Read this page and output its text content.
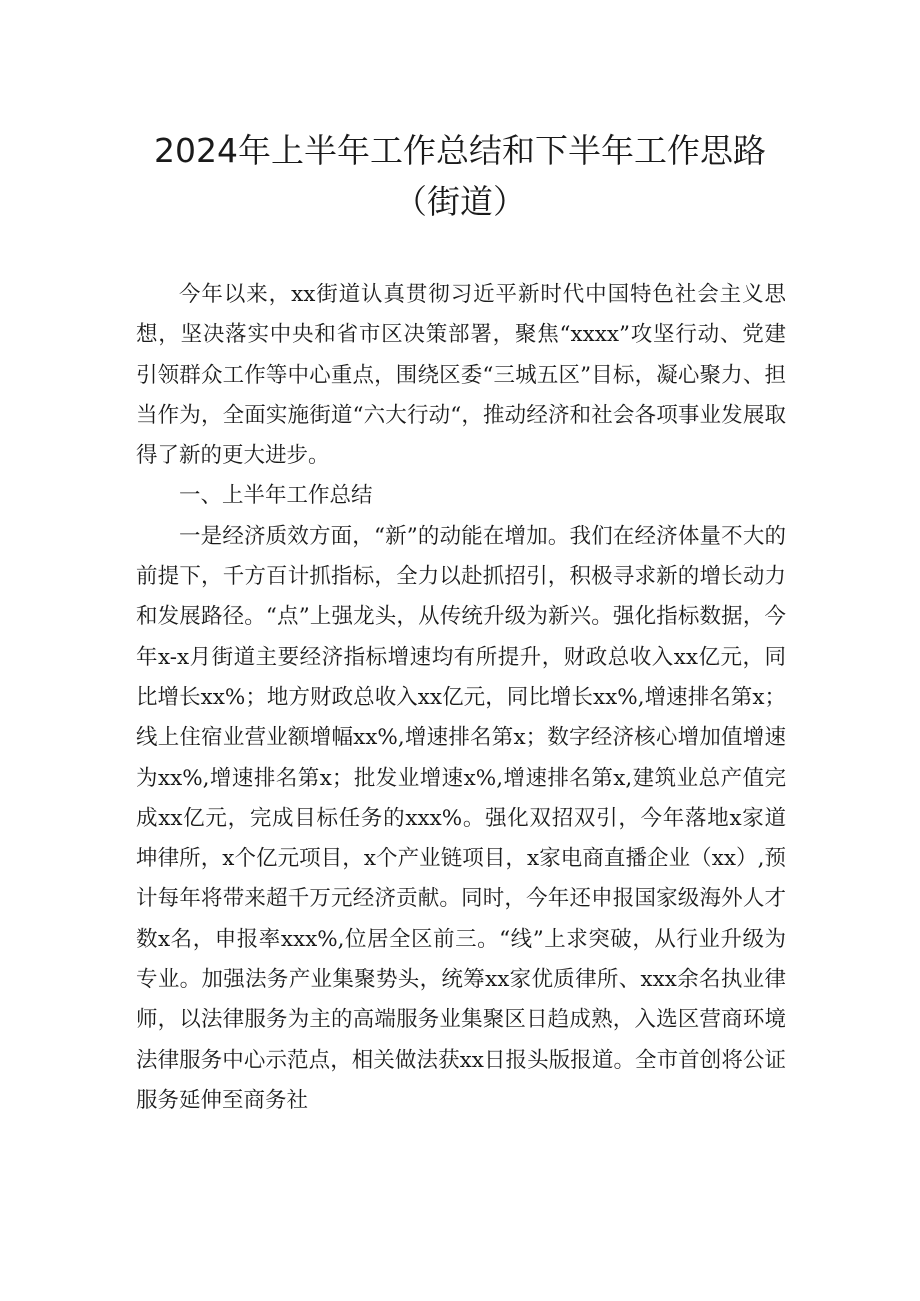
2024年上半年工作总结和下半年工作思路
（街道）

今年以来，xx街道认真贯彻习近平新时代中国特色社会主义思想，坚决落实中央和省市区决策部署，聚焦“xxxx”攻坚行动、党建引领群众工作等中心重点，围绕区委“三城五区”目标，凝心聚力、担当作为，全面实施街道“六大行动“，推动经济和社会各项事业发展取得了新的更大进步。

一、上半年工作总结

一是经济质效方面，“新”的动能在增加。我们在经济体量不大的前提下，千方百计抓指标，全力以赴抓招引，积极寻求新的增长动力和发展路径。“点”上强龙头，从传统升级为新兴。强化指标数据，今年x-x月街道主要经济指标增速均有所提升，财政总收入xx亿元，同比增长xx%；地方财政总收入xx亿元，同比增长xx%,增速排名第x；线上住宿业营业额增幅xx%,增速排名第x；数字经济核心增加值增速为xx%,增速排名第x；批发业增速x%,增速排名第x,建筑业总产值完成xx亿元，完成目标任务的xxx%。强化双招双引，今年落地x家道坤律所，x个亿元项目，x个产业链项目，x家电商直播企业（xx）,预计每年将带来超千万元经济贡献。同时，今年还申报国家级海外人才数x名，申报率xxx%,位居全区前三。“线”上求突破，从行业升级为专业。加强法务产业集聚势头，统筹xx家优质律所、xxx余名执业律师，以法律服务为主的高端服务业集聚区日趋成熟，入选区营商环境法律服务中心示范点，相关做法获xx日报头版报道。全市首创将公证服务延伸至商务社
